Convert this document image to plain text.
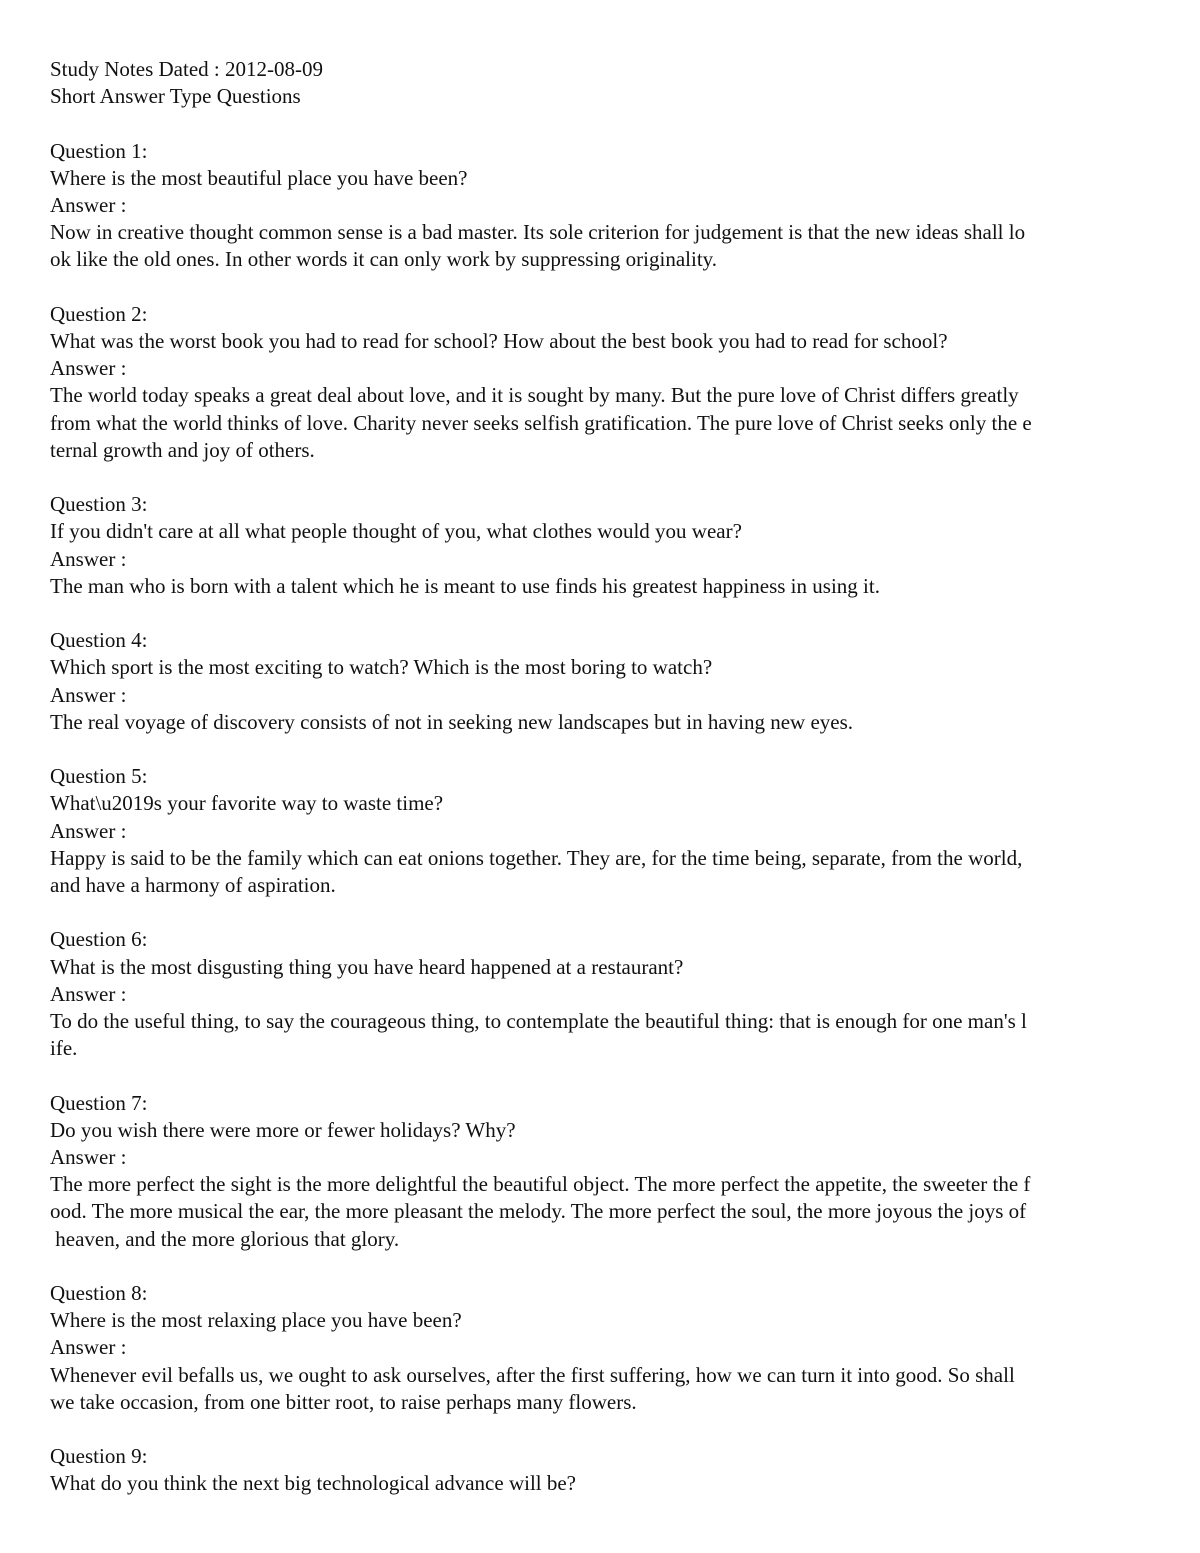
Study Notes Dated : 2012-08-09
Short Answer Type Questions
Question 1:
Where is the most beautiful place you have been?
Answer :
Now in creative thought common sense is a bad master. Its sole criterion for judgement is that the new ideas shall lo
ok like the old ones. In other words it can only work by suppressing originality.
Question 2:
What was the worst book you had to read for school? How about the best book you had to read for school?
Answer :
The world today speaks a great deal about love, and it is sought by many. But the pure love of Christ differs greatly
from what the world thinks of love. Charity never seeks selfish gratification. The pure love of Christ seeks only the e
ternal growth and joy of others.
Question 3:
If you didn't care at all what people thought of you, what clothes would you wear?
Answer :
The man who is born with a talent which he is meant to use finds his greatest happiness in using it.
Question 4:
Which sport is the most exciting to watch? Which is the most boring to watch?
Answer :
The real voyage of discovery consists of not in seeking new landscapes but in having new eyes.
Question 5:
What\u2019s your favorite way to waste time?
Answer :
Happy is said to be the family which can eat onions together. They are, for the time being, separate, from the world,
and have a harmony of aspiration.
Question 6:
What is the most disgusting thing you have heard happened at a restaurant?
Answer :
To do the useful thing, to say the courageous thing, to contemplate the beautiful thing: that is enough for one man's l
ife.
Question 7:
Do you wish there were more or fewer holidays? Why?
Answer :
The more perfect the sight is the more delightful the beautiful object. The more perfect the appetite, the sweeter the f
ood. The more musical the ear, the more pleasant the melody. The more perfect the soul, the more joyous the joys of
heaven, and the more glorious that glory.
Question 8:
Where is the most relaxing place you have been?
Answer :
Whenever evil befalls us, we ought to ask ourselves, after the first suffering, how we can turn it into good. So shall
we take occasion, from one bitter root, to raise perhaps many flowers.
Question 9:
What do you think the next big technological advance will be?
